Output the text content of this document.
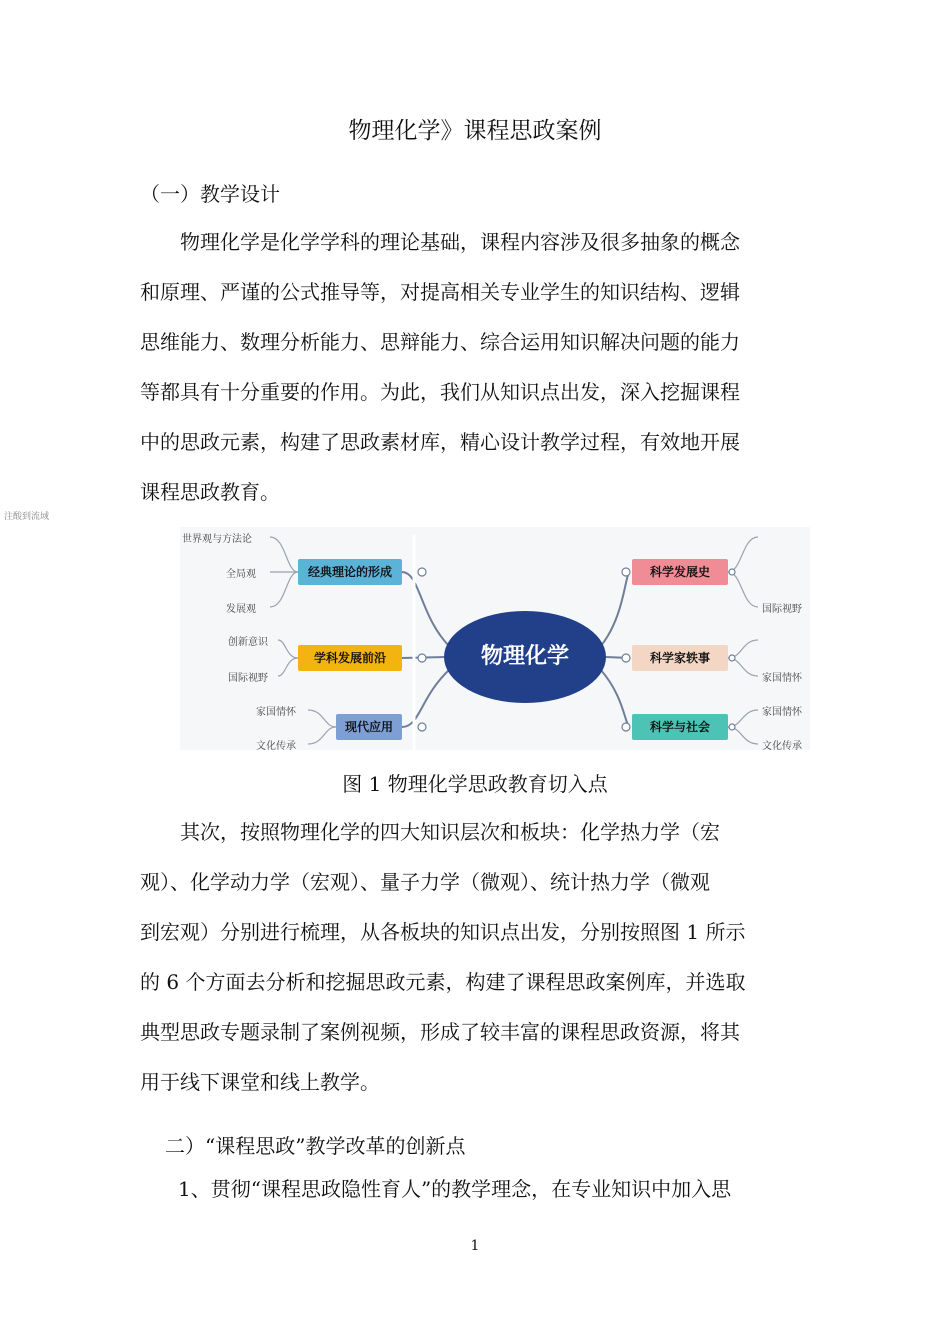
物理化学》课程思政案例
（一）教学设计

　　物理化学是化学学科的理论基础，课程内容涉及很多抽象的概念
和原理、严谨的公式推导等，对提高相关专业学生的知识结构、逻辑
思维能力、数理分析能力、思辩能力、综合运用知识解决问题的能力
等都具有十分重要的作用。为此，我们从知识点出发，深入挖掘课程
中的思政元素，构建了思政素材库，精心设计教学过程，有效地开展
课程思政教育。

注酸到流域
物理化学
经典理论的形成
学科发展前沿
现代应用
科学发展史
科学家轶事
科学与社会
世界观与方法论
全局观
发展观
创新意识
国际视野
家国情怀
文化传承
国际视野
家国情怀
家国情怀
文化传承
图 1 物理化学思政教育切入点

　　其次，按照物理化学的四大知识层次和板块：化学热力学（宏
观）、化学动力学（宏观）、量子力学（微观）、统计热力学（微观
到宏观）分别进行梳理，从各板块的知识点出发，分别按照图 1 所示
的 6 个方面去分析和挖掘思政元素，构建了课程思政案例库，并选取
典型思政专题录制了案例视频，形成了较丰富的课程思政资源，将其
用于线下课堂和线上教学。

二）“课程思政”教学改革的创新点
1、贯彻“课程思政隐性育人”的教学理念，在专业知识中加入思
1
